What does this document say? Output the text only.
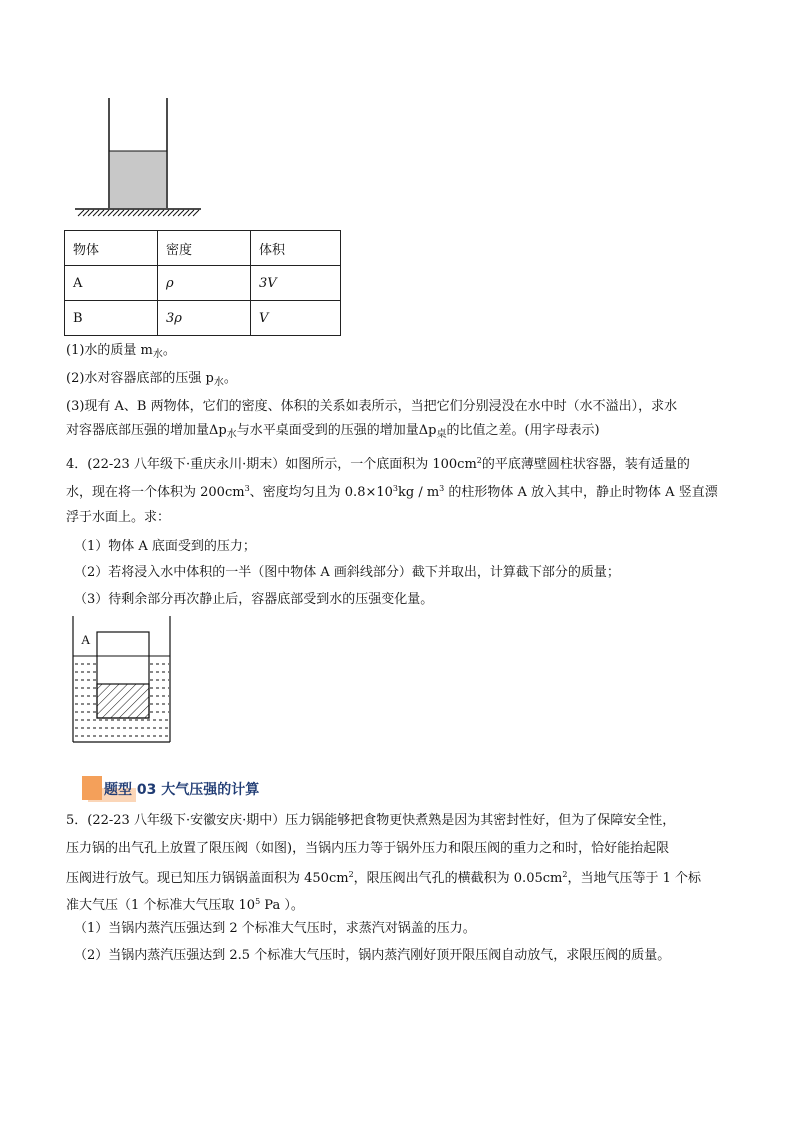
物体	密度	体积
A	ρ	3V
B	3ρ	V
(1)水的质量 $m_水$。
(2)水对容器底部的压强 $p_水$。
(3)现有 A、B 两物体，它们的密度、体积的关系如表所示，当把它们分别浸没在水中时（水不溢出），求水
对容器底部压强的增加量$\Delta p_水$与水平桌面受到的压强的增加量$\Delta p_桌$的比值之差。(用字母表示)
4．(22-23 八年级下·重庆永川·期末）如图所示，一个底面积为 $100cm^2$的平底薄壁圆柱状容器，装有适量的
水，现在将一个体积为 $200cm^3$、密度均匀且为 $0.8\times 10^3kg / m^3$ 的柱形物体 A 放入其中，静止时物体 A 竖直漂
浮于水面上。求：
（1）物体 A 底面受到的压力；
（2）若将浸入水中体积的一半（图中物体 A 画斜线部分）截下并取出，计算截下部分的质量；
（3）待剩余部分再次静止后，容器底部受到水的压强变化量。
A
题型 03 大气压强的计算
5．(22-23 八年级下·安徽安庆·期中）压力锅能够把食物更快煮熟是因为其密封性好，但为了保障安全性，
压力锅的出气孔上放置了限压阀（如图)，当锅内压力等于锅外压力和限压阀的重力之和时，恰好能抬起限
压阀进行放气。现已知压力锅锅盖面积为 $450cm^2$，限压阀出气孔的横截积为 $0.05cm^2$，当地气压等于 1 个标
准大气压（1 个标准大气压取 $10^5$ Pa ）。
（1）当锅内蒸汽压强达到 2 个标准大气压时，求蒸汽对锅盖的压力。
（2）当锅内蒸汽压强达到 2.5 个标准大气压时，锅内蒸汽刚好顶开限压阀自动放气，求限压阀的质量。
